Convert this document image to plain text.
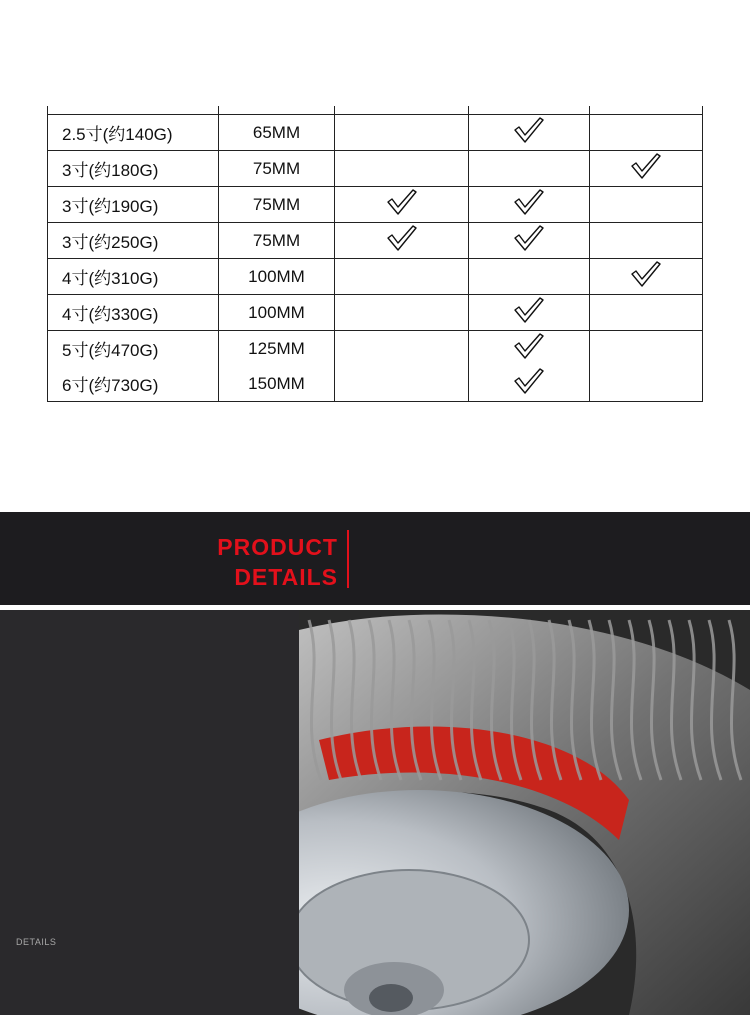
2.5寸(约140G)	65MM		

3寸(约180G)	75MM			

3寸(约190G)	75MM	

3寸(约250G)	75MM	

4寸(约310G)	100MM			

4寸(约330G)	100MM		

5寸(约470G)	125MM		

6寸(约730G)	150MM		

PRODUCT
DETAILS
DETAILS
